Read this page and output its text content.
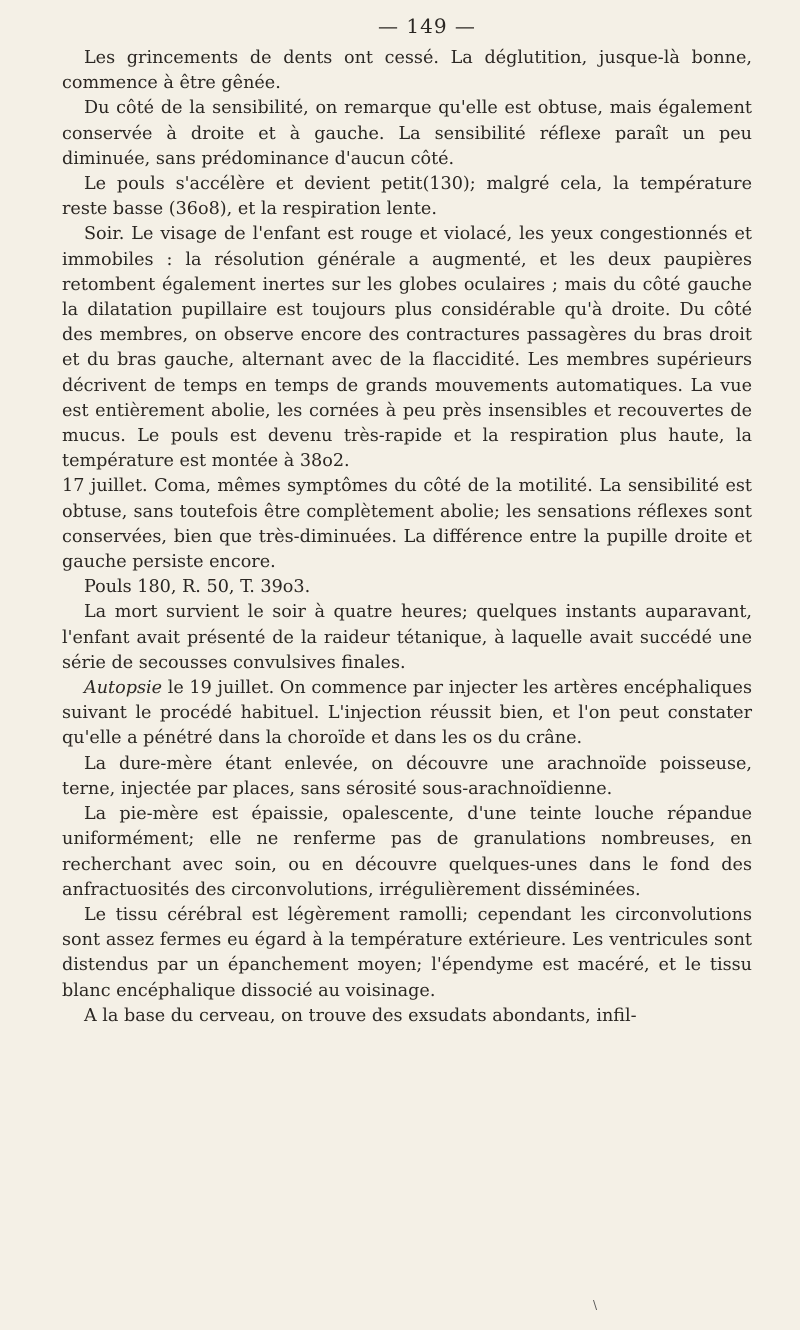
— 149 —

Les grincements de dents ont cessé. La déglutition, jusque-là bonne, commence à être gênée.

Du côté de la sensibilité, on remarque qu'elle est obtuse, mais également conservée à droite et à gauche. La sensibilité réflexe paraît un peu diminuée, sans prédominance d'aucun côté.

Le pouls s'accélère et devient petit(130); malgré cela, la température reste basse (36o8), et la respiration lente.

Soir. Le visage de l'enfant est rouge et violacé, les yeux congestionnés et immobiles : la résolution générale a augmenté, et les deux paupières retombent également inertes sur les globes oculaires ; mais du côté gauche la dilatation pupillaire est toujours plus considérable qu'à droite. Du côté des membres, on observe encore des contractures passagères du bras droit et du bras gauche, alternant avec de la flaccidité. Les membres supérieurs décrivent de temps en temps de grands mouvements automatiques. La vue est entièrement abolie, les cornées à peu près insensibles et recouvertes de mucus. Le pouls est devenu très-rapide et la respiration plus haute, la température est montée à 38o2.

17 juillet. Coma, mêmes symptômes du côté de la motilité. La sensibilité est obtuse, sans toutefois être complètement abolie; les sensations réflexes sont conservées, bien que très-diminuées. La différence entre la pupille droite et gauche persiste encore.

Pouls 180, R. 50, T. 39o3.

La mort survient le soir à quatre heures; quelques instants auparavant, l'enfant avait présenté de la raideur tétanique, à laquelle avait succédé une série de secousses convulsives finales.

Autopsie le 19 juillet. On commence par injecter les artères encéphaliques suivant le procédé habituel. L'injection réussit bien, et l'on peut constater qu'elle a pénétré dans la choroïde et dans les os du crâne.

La dure-mère étant enlevée, on découvre une arachnoïde poisseuse, terne, injectée par places, sans sérosité sous-arachnoïdienne.

La pie-mère est épaissie, opalescente, d'une teinte louche répandue uniformément; elle ne renferme pas de granulations nombreuses, en recherchant avec soin, ou en découvre quelques-unes dans le fond des anfractuosités des circonvolutions, irrégulièrement disséminées.

Le tissu cérébral est légèrement ramolli; cependant les circonvolutions sont assez fermes eu égard à la température extérieure. Les ventricules sont distendus par un épanchement moyen; l'épendyme est macéré, et le tissu blanc encéphalique dissocié au voisinage.

A la base du cerveau, on trouve des exsudats abondants, infil-

\
